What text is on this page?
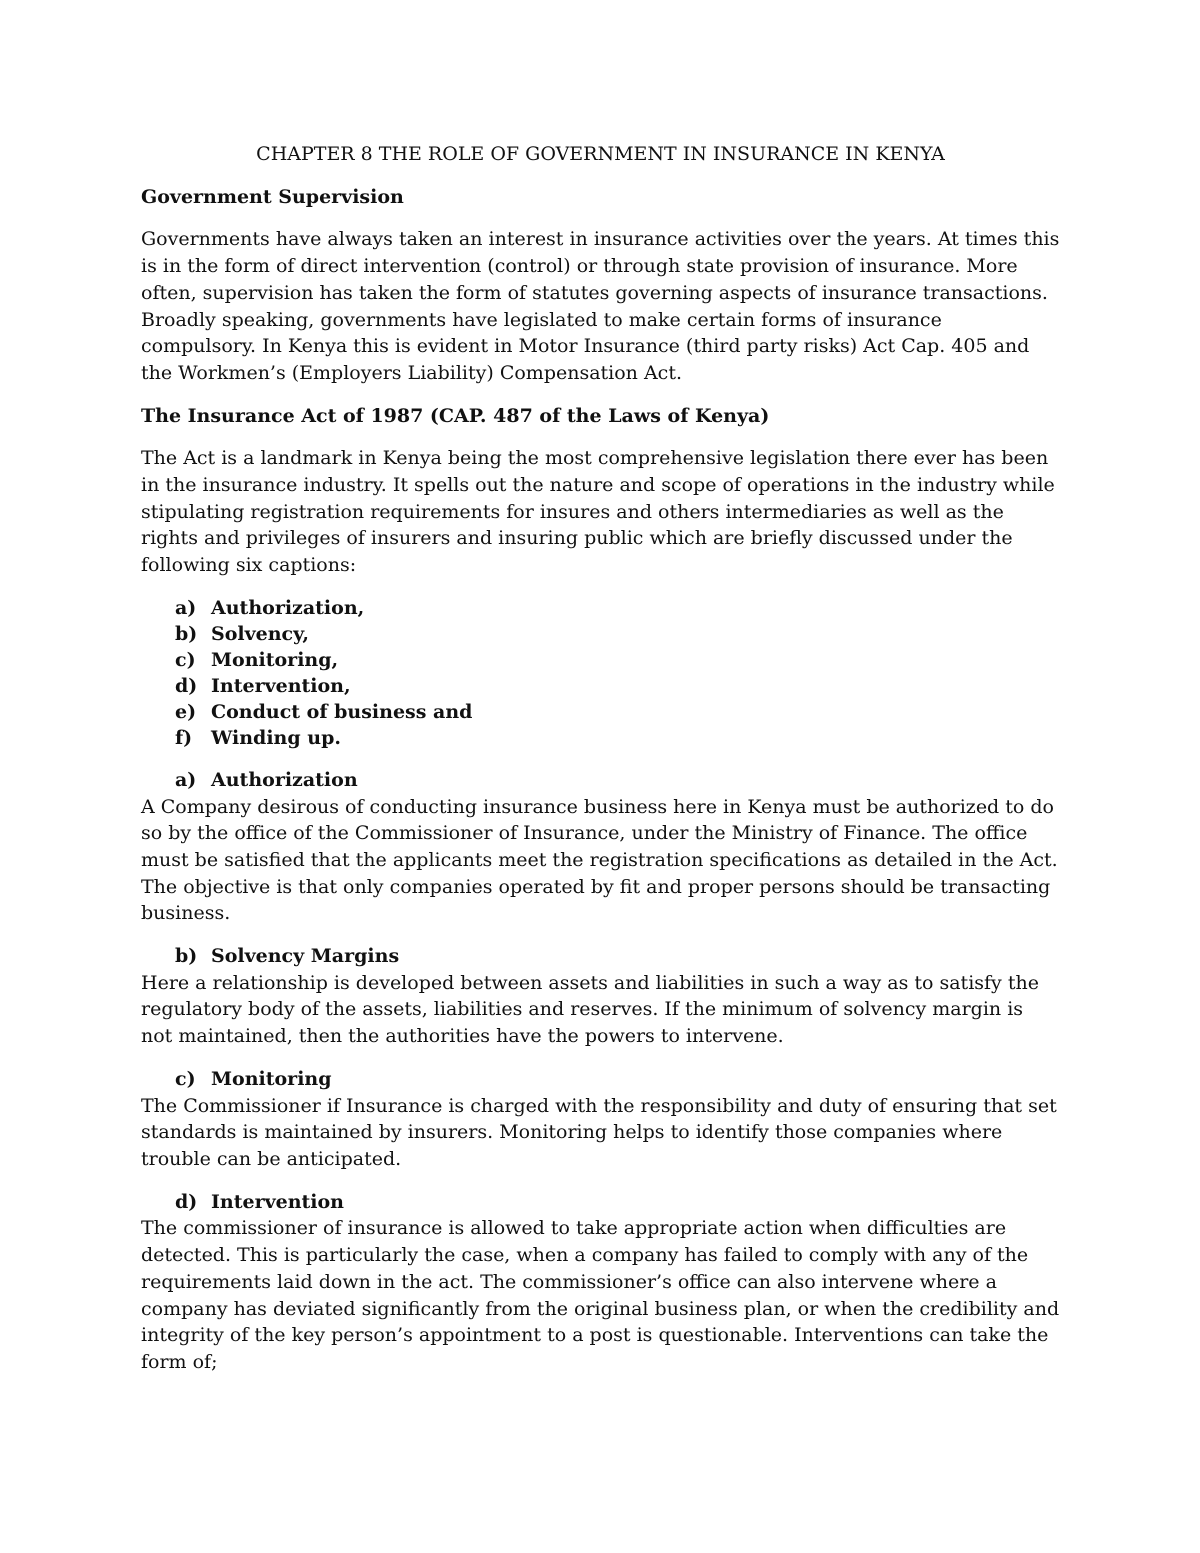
CHAPTER 8 THE ROLE OF GOVERNMENT IN INSURANCE IN KENYA
Government Supervision
Governments have always taken an interest in insurance activities over the years. At times this is in the form of direct intervention (control) or through state provision of insurance. More often, supervision has taken the form of statutes governing aspects of insurance transactions. Broadly speaking, governments have legislated to make certain forms of insurance compulsory. In Kenya this is evident in Motor Insurance (third party risks) Act Cap. 405 and the Workmen’s (Employers Liability) Compensation Act.
The Insurance Act of 1987 (CAP. 487 of the Laws of Kenya)
The Act is a landmark in Kenya being the most comprehensive legislation there ever has been in the insurance industry. It spells out the nature and scope of operations in the industry while stipulating registration requirements for insures and others intermediaries as well as the rights and privileges of insurers and insuring public which are briefly discussed under the following six captions:
a) Authorization,
b) Solvency,
c) Monitoring,
d) Intervention,
e) Conduct of business and
f) Winding up.
a) Authorization
A Company desirous of conducting insurance business here in Kenya must be authorized to do so by the office of the Commissioner of Insurance, under the Ministry of Finance. The office must be satisfied that the applicants meet the registration specifications as detailed in the Act. The objective is that only companies operated by fit and proper persons should be transacting business.
b) Solvency Margins
Here a relationship is developed between assets and liabilities in such a way as to satisfy the regulatory body of the assets, liabilities and reserves. If the minimum of solvency margin is not maintained, then the authorities have the powers to intervene.
c) Monitoring
The Commissioner if Insurance is charged with the responsibility and duty of ensuring that set standards is maintained by insurers. Monitoring helps to identify those companies where trouble can be anticipated.
d) Intervention
The commissioner of insurance is allowed to take appropriate action when difficulties are detected. This is particularly the case, when a company has failed to comply with any of the requirements laid down in the act. The commissioner’s office can also intervene where a company has deviated significantly from the original business plan, or when the credibility and integrity of the key person’s appointment to a post is questionable. Interventions can take the form of;
